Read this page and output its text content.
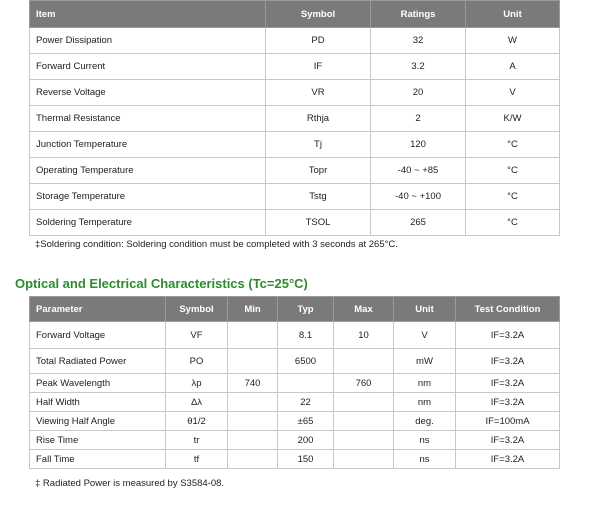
Item	Symbol	Ratings	Unit
Power Dissipation	PD	32	W
Forward Current	IF	3.2	A
Reverse Voltage	VR	20	V
Thermal Resistance	Rthja	2	K/W
Junction Temperature	Tj	120	°C
Operating Temperature	Topr	-40 ~ +85	°C
Storage Temperature	Tstg	-40 ~ +100	°C
Soldering Temperature	TSOL	265	°C
‡Soldering condition: Soldering condition must be completed with 3 seconds at 265°C.
Optical and Electrical Characteristics (Tc=25°C)
Parameter	Symbol	Min	Typ	Max	Unit	Test Condition
Forward Voltage	VF		8.1	10	V	IF=3.2A
Total Radiated Power	PO		6500		mW	IF=3.2A
Peak Wavelength	λp	740		760	nm	IF=3.2A
Half Width	Δλ		22		nm	IF=3.2A
Viewing Half Angle	θ1/2		±65		deg.	IF=100mA
Rise Time	tr		200		ns	IF=3.2A
Fall Time	tf		150		ns	IF=3.2A
‡ Radiated Power is measured by S3584-08.
